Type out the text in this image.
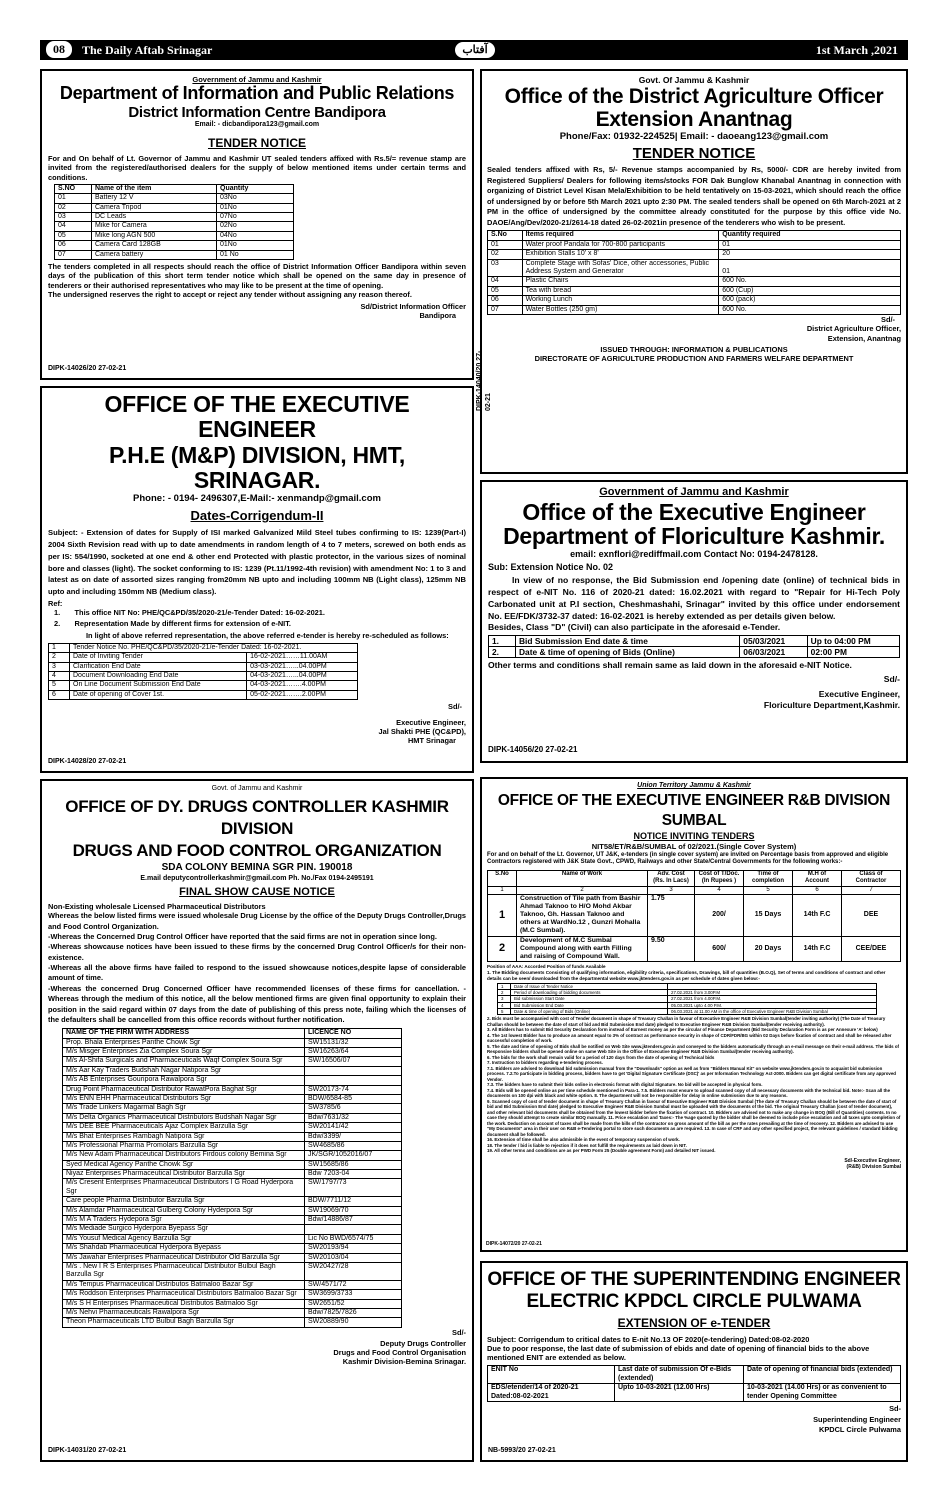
08	The Daily Aftab Srinagar	آفتاب	1st March ,2021

Government of Jammu and Kashmir

Department of Information and Public Relations

District Information Centre Bandipora

Email: - dicbandipora123@gmail.com

TENDER NOTICE

For and On behalf of Lt. Governor of Jammu and Kashmir UT sealed tenders affixed with Rs.5/= revenue stamp are invited from the registered/authorised dealers for the supply of below mentioned items under certain terms and conditions.

S.NO	Name of the item	Quantity
01	Battery 12 V	03No
02	Camera Tripod	01No
03	DC Leads	07No
04	Mike for Camera	02No
05	Mike long AGN 500	04No
06	Camera Card 128GB	01No
07	Camera battery	01 No

The tenders completed in all respects should reach the office of District Information Officer Bandipora within seven days of the publication of this short term tender notice which shall be opened on the same day in presence of tenderers or their authorised representatives who may like to be present at the time of opening.

The undersigned reserves the right to accept or reject any tender without assigning any reason thereof.

Sd/District Information Officer

Bandipora

DIPK-14026/20 27-02-21

Govt. Of Jammu & Kashmir

Office of the District Agriculture Officer

Extension Anantnag

Phone/Fax: 01932-224525| Email: - daoeang123@gmail.com

TENDER NOTICE

Sealed tenders affixed with Rs, 5/- Revenue stamps accompanied by Rs, 5000/- CDR are hereby invited from Registered Suppliers/ Dealers for following items/stocks FOR Dak Bunglow Khanabal Anantnag in connection with organizing of District Level Kisan Mela/Exhibition to be held tentatively on 15-03-2021, which should reach the office of undersigned by or before 5th March 2021 upto 2:30 PM. The sealed tenders shall be opened on 6th March-2021 at 2 PM in the office of undersigned by the committee already constituted for the purpose by this office vide No. DAOE/Ang/Dev/2020-21/2614-18 dated 26-02-2021in presence of the tenderers who wish to be present.

S.No	Items required	Quantity required
01	Water proof Pandala for 700-800 participants	01
02	Exhibition Stalls 10' x 8'	20
03	Complete Stage with Sofas' Dice, other accessories, Public Address System and Generator	01
04	Plastic Chairs	600 No.
05	Tea with bread	600 (Cup)
06	Working Lunch	600 (pack)
07	Water Bottles (250 gm)	600 No.

Sd/-

District Agriculture Officer,

Extension, Anantnag

ISSUED THROUGH: INFORMATION & PUBLICATIONS

DIRECTORATE OF AGRICULTURE PRODUCTION AND FARMERS WELFARE DEPARTMENT

DIPK-14040/20 27-02-21

OFFICE OF THE EXECUTIVE ENGINEER

P.H.E (M&P) DIVISION, HMT, SRINAGAR.

Phone: - 0194- 2496307,E-Mail:- xenmandp@gmail.com

Dates-Corrigendum-II

Subject: - Extension of dates for Supply of ISI marked Galvanized Mild Steel tubes confirming to IS: 1239(Part-I) 2004 Sixth Revision read with up to date amendments in random length of 4 to 7 meters, screwed on both ends as per IS: 554/1990, socketed at one end & other end Protected with plastic protector, in the various sizes of nominal bore and classes (light). The socket conforming to IS: 1239 (Pt.11/1992-4th revision) with amendment No: 1 to 3 and latest as on date of assorted sizes ranging from20mm NB upto and including 100mm NB (Light class), 125mm NB upto and including 150mm NB (Medium class).

Ref:

1.       This office NIT No: PHE/QC&PD/35/2020-21/e-Tender Dated: 16-02-2021.

2.       Representation Made by different firms for extension of e-NIT.

In light of above referred representation, the above referred e-tender is hereby re-scheduled as follows:

1	Tender Notice No. PHE/QC&PD/35/2020-21/e-Tender Dated: 16-02-2021.	
2	Date of Inviting Tender	16-02-2021……11.00AM
3	Clarification End Date	03-03-2021…...04.00PM
4	Document Downloading End Date	04-03-2021…...04.00PM
5	On Line Document Submission End Date	04-03-2021…….4.00PM
6	Date of opening of Cover 1st.	05-02-2021…….2.00PM

Sd/-

Executive Engineer,

Jal Shakti PHE (QC&PD),

HMT Srinagar

DIPK-14028/20 27-02-21

Government of Jammu and Kashmir

Office of the Executive Engineer

Department of Floriculture Kashmir.

email: exnflori@rediffmail.com Contact No: 0194-2478128.

Sub: Extension Notice No. 02

In view of no response, the Bid Submission end /opening date (online) of technical bids in respect of e-NIT No. 116 of 2020-21 dated: 16.02.2021 with regard to "Repair for Hi-Tech Poly Carbonated unit at P.I section, Cheshmashahi, Srinagar" invited by this office under endorsement No. EE/FDK/3732-37 dated: 16-02-2021 is hereby extended as per details given below.

Besides, Class "D" (Civil) can also participate in the aforesaid e-Tender.

1.	Bid Submission End date & time	05/03/2021	Up to 04:00 PM
2.	Date & time of opening of Bids (Online)	06/03/2021	02:00 PM

Other terms and conditions shall remain same as laid down in the aforesaid e-NIT Notice.

Sd/-

Executive Engineer,

Floriculture Department,Kashmir.

DIPK-14056/20 27-02-21

Govt. of Jammu and Kashmir

OFFICE OF DY. DRUGS CONTROLLER KASHMIR DIVISION

DRUGS AND FOOD CONTROL ORGANIZATION

SDA COLONY BEMINA SGR PIN. 190018

E.mail deputycontrollerkashmir@gmail.com Ph. No./Fax 0194-2495191

FINAL SHOW CAUSE NOTICE

Non-Existing wholesale Licensed Pharmaceutical Distributors

Whereas the below listed firms were issued wholesale Drug License by the office of the Deputy Drugs Controller,Drugs and Food Control Organization.

-Whereas the Concerned Drug Control Officer have reported that the said firms are not in operation since long.

-Whereas showcause notices have been issued to these firms by the concerned Drug Control Officer/s for their non-existence.

-Whereas all the above firms have failed to respond to the issued showcause notices,despite lapse of considerable amount of time.

-Whereas the concerned Drug Concerned Officer have recommended licenses of these firms for cancellation. -Whereas through the medium of this notice, all the below mentioned firms are given final opportunity to explain their position in the said regard within 07 days from the date of publishing of this press note, failing which the licenses of the defaulters shall be cancelled from this office records without further notification.

NAME OF THE FIRM WITH ADDRESS	LICENCE NO
Prop. Bhala Enterprises Panthe Chowk Sgr	SW15131/32
M/s Misger Enterprises Zia Complex Soura Sgr	SW16263/64
M/s Al-Shifa Surgicals and Pharmaceuticals Waqf Complex Soura Sgr	SW/16506/07
M/s Aar Kay Traders Budshah Nagar Natipora Sgr	
M/s AB Enterprises Gouripora Rawalpora Sgr	
Drug Point Pharmaceutical Distributor RawatPora Baghat Sgr	SW20173-74
M/s ENN EHH Pharmaceutical Distributors Sgr	BDW/6584-85
M/s Trade Linkers Magarmal Bagh Sgr	SW3785/6
M/s Delta Organics Pharmaceutical Distributors Budshah Nagar Sgr	Bdw/7631/32
M/s DEE BEE Pharmaceuticals Ajaz Complex Barzulla Sgr	SW20141/42
M/s Bhat Enterprises Rambagh Natipora Sgr	Bdw/3399/
M/s Professional Pharma Promolars Barzulla Sgr	SW4685/86
M/s New Adam Pharmaceutical Distributors Firdous colony Bemina Sgr	JK/SGR/1052016/07
Syed Medical Agency Panthe Chowk Sgr	SW15685/86
Niyaz Enterprises Pharmaceutical Distributor Barzulla Sgr	Bdw 7203-04
M/s Cresent Enterprises Pharmaceutical Distributors I G Road Hyderpora Sgr	SW/1797/73
Care people Pharma Distributor Barzulla Sgr	BDW/7711/12
M/s Alamdar Pharmaceutical Gulberg Colony Hyderpora Sgr	SW19069/70
M/s M A Traders Hydepora Sgr	Bdw/14886/87
M/s Mediade Surgico Hyderpora Byepass Sgr	
M/s Yousuf Medical Agency Barzulla Sgr	Lic No BWD/6574/75
M/s Shahdab Pharmaceutical Hyderpora Byepass	SW20193/94
M/s Jawahar Enterprises Pharmaceutical Distributor Old Barzulla Sgr	SW20103/04
M/s . New I R S Enterprises Pharmaceutical Distributor Bulbul Bagh Barzulla Sgr	SW20427/28
M/s Tempus Pharmaceutical Distributos Batmaloo Bazar Sgr	SW/4571/72
M/s Roddson Enterprises Pharmaceutical Distributors Batmaloo Bazar Sgr	SW3699/3733
M/s S H Enterprises Pharmaceutical Distributos Batmaloo Sgr	SW2651/52
M/s Nehvi Pharmaceuticals Rawalpora Sgr	Bdw/7825/7826
Theon Pharmaceuticals LTD Bulbul Bagh Barzulla Sgr	SW20889/90

Sd/-

Deputy Drugs Controller

Drugs and Food Control Organisation

Kashmir Division-Bemina Srinagar.

DIPK-14031/20 27-02-21

Union Territory Jammu & Kashmir

OFFICE OF THE EXECUTIVE ENGINEER R&B DIVISION SUMBAL

NOTICE INVITING TENDERS

NIT58/ET/R&B/SUMBAL of 02/2021.(Single Cover System)

For and on behalf of the Lt. Governor, UT J&K, e-tenders (in single cover system) are invited on Percentage basis from approved and eligible Contractors registered with J&K State Govt., CPWD, Railways and other State/Central Governments for the following works:-

S.No	Name of Work	Adv. Cost (Rs. In Lacs)	Cost of T/Doc. (In Rupees )	Time of completion	M.H of Account	Class of Contractor
1	2	3	4	5	6	7
1	Construction of Tile path from Bashir Ahmad Taknoo to H/O Mohd Akbar Taknoo, Gh. Hassan Taknoo and others at WardNo.12 , Gunzri Mohalla (M.C Sumbal).	1.75	200/	15 Days	14th F.C	DEE
2	Development of M.C Sumbal Compound along with earth Filling and raising of Compound Wall.	9.50	600/	20 Days	14th F.C	CEE/DEE

Position of AAA: Accorded Position of funds Available

1. The Bidding documents Consisting of qualifying information, eligibility criteria, specifications, Drawings, bill of quantities (B.O.Q), Set of terms and conditions of contract and other details can be seen/ downloaded from the departmental website www.jktenders.gov.in as per schedule of dates given below:-

1	Date of Issue of Tender Notice	
2	Period of downloading of bidding documents	27.02.2021 from 3.00P.M
3	Bid submission Start Date	27.02.2021 from 4.00P.M.
4	Bid Submission End Date	05.03.2021 upto 4.00 P.M.
5	Date & time of opening of Bids (Online)	06.03.2021 at 11.00 AM in the office of Executive Engineer R&B Division Sumbal

2. Bids must be accompanied with cost of Tender document in shape of Treasury Challan in favour of Executive Engineer R&B Division Sumbal(tender inviting authority) (The Date of Treasury Challan should be between the date of start of bid and Bid Submission End date) pledged to Executive Engineer R&B Division Sumbal(tender receiving authority).

3. All Bidders has to submit Bid Security Declaration form instead of Earnest money as per the circular of Finance Department (Bid Security Declaration Form is as per Annexure 'A' below)

4. The 1st lowest Bidder has to produce an amount equal to 3% of contract as performance security in shape of CDR/FDR/BG within 02 Days before fixation of contract and shall be released after successful completion of work.

5. The date and time of opening of Bids shall be notified on Web Site www.jktenders.gov.in and conveyed to the bidders automatically through an e-mail message on their e-mail address. The bids of Responsive bidders shall be opened online on same Web Site in the Office of Executive Engineer R&B Division Sumbal(tender receiving authority).

6. The bids for the work shall remain valid for a period of 120 days from the date of opening of Technical bids

7. Instruction to bidders regarding e-tendering process.

7.1. Bidders are advised to download bid submission manual from the "Downloads" option as well as from "Bidders Manual Kit" on website www.jktenders.gov.in to acquaint bid submission process. 7.2.To participate in bidding process, bidders have to get 'Digital Signature Certificate (DSC)' as per Information Technology Act-2000. Bidders can get digital certificate from any approved Vendor.

7.3. The bidders have to submit their bids online in electronic format with digital Signature. No bid will be accepted in physical form.

7.4. Bids will be opened online as per time schedule mentioned in Para-1. 7.5. Bidders must ensure to upload scanned copy of all necessary documents with the technical bid. Note:- Scan all the documents on 100 dpi with black and white option. 8. The department will not be responsible for delay in online submission due to any reasons.

9. Scanned copy of cost of tender document in shape of Treasury Challan in favour of Executive Engineer R&B Division Sumbal (The date of Treasury Challan should be between the date of start of bid and Bid Submission End date) pledged to Executive Engineer R&B Division Sumbal must be uploaded with the documents of the bid. The original Treasury Challan (cost of tender document), and other relevant bid documents shall be obtained from the lowest bidder before the fixation of contract. 10. Bidders are advised not to make any change in BOQ (Bill of Quantities) contents. In no case they should attempt to create similar BOQ manually. 11. Price escalation and Taxes:- The %age quoted by the bidder shall be deemed to include price escalation and all taxes upto completion of the work. Deduction on account of taxes shall be made from the bills of the contractor on gross amount of the bill as per the rates prevailing at the time of recovery. 12. Bidders are advised to use "My Documents" area in their user on R&B e-Tendering portal to store such documents as are required. 13. In case of CRF and any other specified project, the relevant guidelines / standard bidding document shall be followed.

16. Extension of time shall be also admissible in the event of temporary suspension of work.

18. The tender / bid is liable to rejection if it does not fulfill the requirements as laid down in NIT.

19. All other terms and conditions are as per PWD Form 25 (Double agreement Form) and detailed NIT issued.

Sd/-Executive Engineer,

(R&B) Division Sumbal

DIPK-14072/20 27-02-21

OFFICE OF THE SUPERINTENDING ENGINEER

ELECTRIC KPDCL CIRCLE PULWAMA

EXTENSION OF e-TENDER

Subject: Corrigendum to critical dates to E-nit No.13 OF 2020(e-tendering) Dated:08-02-2020

Due to poor response, the last date of submission of ebids and date of opening of financial bids to the above mentioned ENIT are extended as below.

ENIT No	Last date of submission Of e-Bids (extended)	Date of opening of financial bids (extended)
EDS/etender/14 of 2020-21 Dated:08-02-2021	Upto 10-03-2021 (12.00 Hrs)	10-03-2021 (14.00 Hrs) or as convenient to tender Opening Committee

Sd-

Superintending Engineer

KPDCL Circle Pulwama

NB-5993/20 27-02-21
